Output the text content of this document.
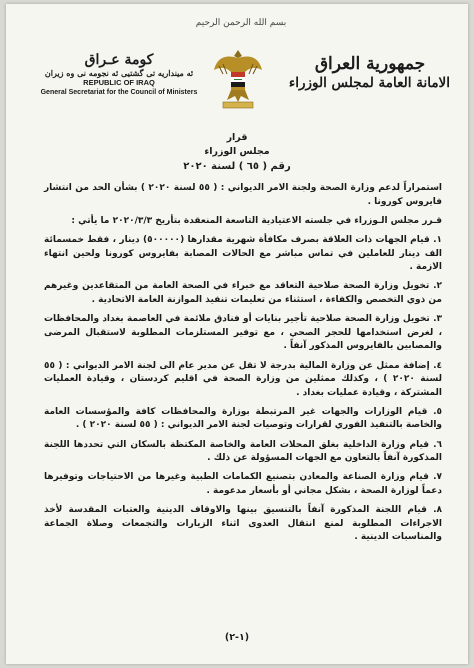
بسم الله الرحمن الرحيم
كومة عـراق
ئه مينداريه تى گشتيى ئه نجومه نى وه زيران
REPUBLIC OF IRAQ
General Secretariat for the Council of Ministers
جمهورية العراق
الامانة العامة لمجلس الوزراء
قرار
مجلس الوزراء
رقم ( ٦٥ ) لسنة ٢٠٢٠

استمراراً لدعم وزارة الصحة ولجنة الامر الديواني : ( ٥٥ لسنة ٢٠٢٠ ) بشأن الحد من انتشار فايروس كورونا .

قـرر مجلس الـوزراء في جلسته الاعتيادية التاسعة المنعقدة بتأريخ ٢٠٢٠/٣/٣ ما يأتي :

١. قيام الجهات ذات العلاقة بصرف مكافأة شهرية مقدارها (٥٠٠٠٠٠) دينار ، فقط خمسمائة الف دينار للعاملين في تماس مباشر مع الحالات المصابة بفايروس كورونا ولحين انتهاء الازمة .

٢. تخويل وزارة الصحة صلاحية التعاقد مع خبراء في الصحة العامة من المتقاعدين وغيرهم من ذوي التخصص والكفاءة ، استثناء من تعليمات تنفيذ الموازنة العامة الاتحادية .

٣. تخويل وزارة الصحة صلاحية تأجير بنايات أو فنادق ملائمة في العاصمة بغداد والمحافظات ، لغرض استخدامها للحجر الصحي ، مع توفير المستلزمات المطلوبة لاستقبال المرضى والمصابين بالفايروس المذكور آنفاً .

٤. إضافة ممثل عن وزارة المالية بدرجة لا تقل عن مدير عام الى لجنة الامر الديواني : ( ٥٥ لسنة ٢٠٢٠ ) ، وكذلك ممثلين من وزارة الصحة في اقليم كردستان ، وقيادة العمليات المشتركة ، وقيادة عمليات بغداد .

٥. قيام الوزارات والجهات غير المرتبطة بوزارة والمحافظات كافة والمؤسسات العامة والخاصة بالتنفيذ الفوري لقرارات وتوصيات لجنة الامر الديواني : ( ٥٥ لسنة ٢٠٢٠ ) .

٦. قيام وزارة الداخلية بغلق المحلات العامة والخاصة المكتظة بالسكان التي تحددها اللجنة المذكورة آنفاً بالتعاون مع الجهات المسؤولة عن ذلك .

٧. قيام وزارة الصناعة والمعادن بتصنيع الكمامات الطبية وغيرها من الاحتياجات وتوفيرها دعماً لوزارة الصحة ، بشكل مجاني أو بأسعار مدعومة .

٨. قيام اللجنة المذكورة آنفاً بالتنسيق بينها والاوقاف الدينية والعتبات المقدسة لأخذ الاجراءات المطلوبة لمنع انتقال العدوى اثناء الزيارات والتجمعات وصلاة الجماعة والمناسبات الدينية .

(١-٢)
